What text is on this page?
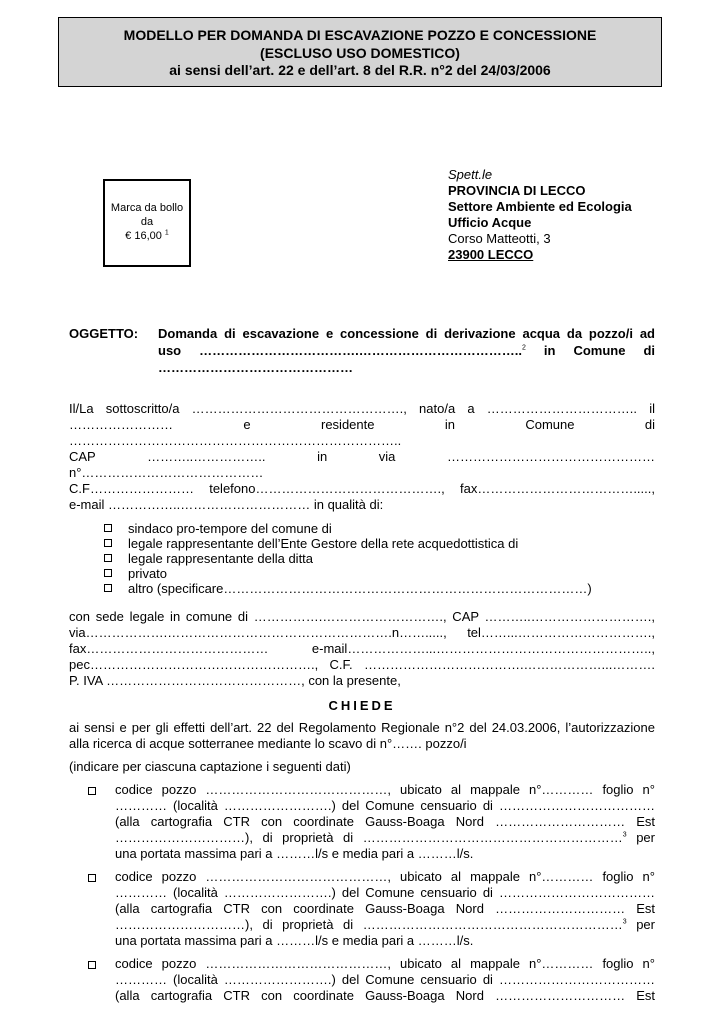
MODELLO PER DOMANDA DI ESCAVAZIONE POZZO E CONCESSIONE
(ESCLUSO USO DOMESTICO)
ai sensi dell’art. 22 e dell’art. 8 del R.R. n°2 del 24/03/2006
Marca da bollo
da
€ 16,00 $^1$
Spett.le
PROVINCIA DI LECCO
Settore Ambiente ed Ecologia
Ufficio Acque
Corso Matteotti, 3
23900 LECCO
OGGETTO:	Domanda di escavazione e concessione di derivazione acqua da pozzo/i ad
uso ……………………………….………………………………..$^2$ in Comune di
………………………………………
Il/La sottoscritto/a …………………………………………., nato/a a …………………………….. il
…………………… e residente in Comune di …………………………………………………………………..
CAP ………..…………….. in via …………………………………………n°……………………………………
C.F…………………… telefono……………………………………., fax……………………………….....,
e-mail ……………..………………………… in qualità di:
sindaco pro-tempore del comune di
legale rappresentante dell’Ente Gestore della rete acquedottistica di
legale rappresentante della ditta
privato
altro (specificare…………………………………………………………………………)
con sede legale in comune di …………….………………………., CAP ………..……………………….,
via……………….…………………………………………….n……....., tel……...………………………….,
fax…………………………………… e-mail………………...…………………………………………..,
pec……………………………………………., C.F. ……………………………….………………...……….
P. IVA ………………………………………, con la presente,
CHIEDE
ai sensi e per gli effetti dell’art. 22 del Regolamento Regionale n°2 del 24.03.2006, l’autorizzazione
alla ricerca di acque sotterranee mediante lo scavo di n°……. pozzo/i
(indicare per ciascuna captazione i seguenti dati)
codice pozzo ……………………………………, ubicato al mappale n°………… foglio n°
………… (località …………………….) del Comune censuario di ………………………………
(alla cartografia CTR con coordinate Gauss-Boaga Nord ………………………… Est
…………………………), di proprietà di ……………………………………………………$^3$ per
una portata massima pari a ………l/s e media pari a ………l/s.
codice pozzo ……………………………………, ubicato al mappale n°………… foglio n°
………… (località …………………….) del Comune censuario di ………………………………
(alla cartografia CTR con coordinate Gauss-Boaga Nord ………………………… Est
…………………………), di proprietà di ……………………………………………………$^3$ per
una portata massima pari a ………l/s e media pari a ………l/s.
codice pozzo ……………………………………, ubicato al mappale n°………… foglio n°
………… (località …………………….) del Comune censuario di ………………………………
(alla cartografia CTR con coordinate Gauss-Boaga Nord ………………………… Est
